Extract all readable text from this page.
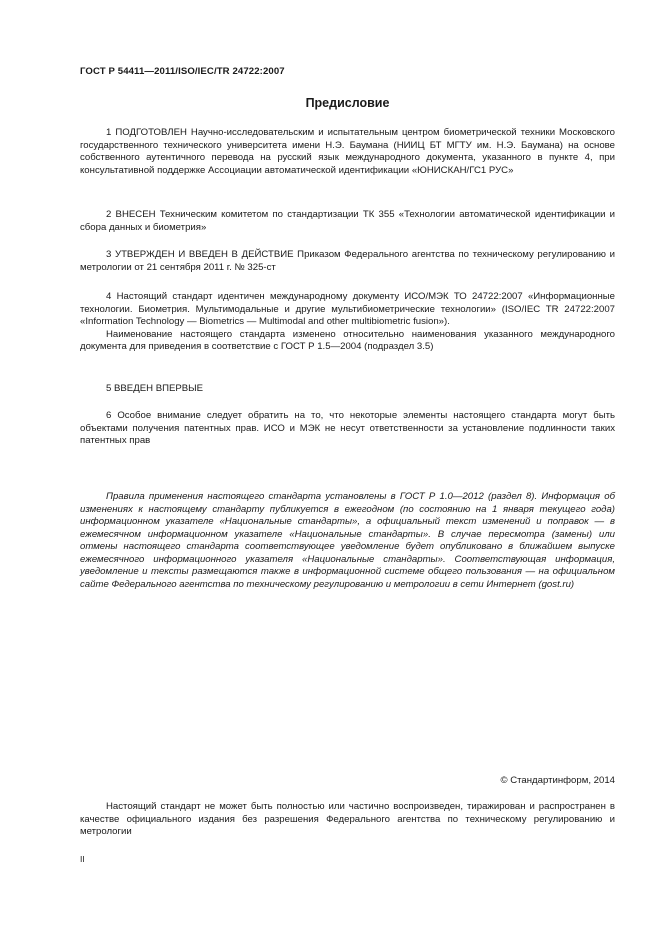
ГОСТ Р 54411—2011/ISO/IEC/TR 24722:2007
Предисловие

1 ПОДГОТОВЛЕН Научно-исследовательским и испытательным центром биометрической техники Московского государственного технического университета имени Н.Э. Баумана (НИИЦ БТ МГТУ им. Н.Э. Баумана) на основе собственного аутентичного перевода на русский язык международного документа, указанного в пункте 4, при консультативной поддержке Ассоциации автоматической идентификации «ЮНИСКАН/ГС1 РУС»

2 ВНЕСЕН Техническим комитетом по стандартизации ТК 355 «Технологии автоматической идентификации и сбора данных и биометрия»

3 УТВЕРЖДЕН И ВВЕДЕН В ДЕЙСТВИЕ Приказом Федерального агентства по техническому регулированию и метрологии от 21 сентября 2011 г. № 325-ст

4 Настоящий стандарт идентичен международному документу ИСО/МЭК ТО 24722:2007 «Информационные технологии. Биометрия. Мультимодальные и другие мультибиометрические технологии» (ISO/IEC TR 24722:2007 «Information Technology — Biometrics — Multimodal and other multibiometric fusion»).

Наименование настоящего стандарта изменено относительно наименования указанного международного документа для приведения в соответствие с ГОСТ Р 1.5—2004 (подраздел 3.5)

5 ВВЕДЕН ВПЕРВЫЕ

6 Особое внимание следует обратить на то, что некоторые элементы настоящего стандарта могут быть объектами получения патентных прав. ИСО и МЭК не несут ответственности за установление подлинности таких патентных прав

Правила применения настоящего стандарта установлены в ГОСТ Р 1.0—2012 (раздел 8). Информация об изменениях к настоящему стандарту публикуется в ежегодном (по состоянию на 1 января текущего года) информационном указателе «Национальные стандарты», а официальный текст изменений и поправок — в ежемесячном информационном указателе «Национальные стандарты». В случае пересмотра (замены) или отмены настоящего стандарта соответствующее уведомление будет опубликовано в ближайшем выпуске ежемесячного информационного указателя «Национальные стандарты». Соответствующая информация, уведомление и тексты размещаются также в информационной системе общего пользования — на официальном сайте Федерального агентства по техническому регулированию и метрологии в сети Интернет (gost.ru)

© Стандартинформ, 2014

Настоящий стандарт не может быть полностью или частично воспроизведен, тиражирован и распространен в качестве официального издания без разрешения Федерального агентства по техническому регулированию и метрологии

II
